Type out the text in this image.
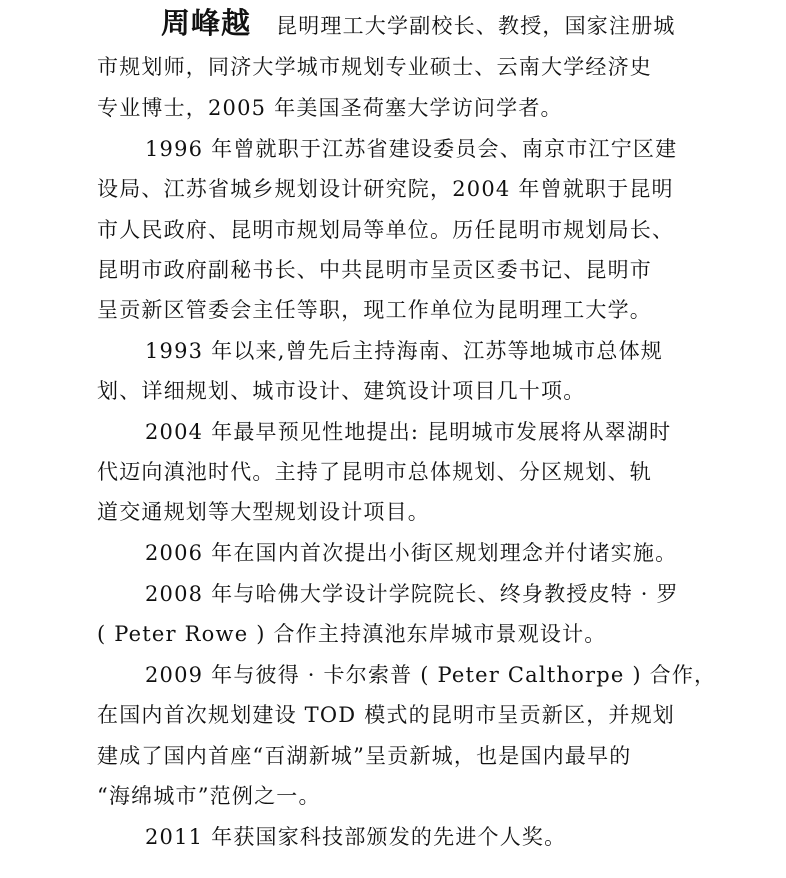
周峰越 昆明理工大学副校长、教授，国家注册城
市规划师，同济大学城市规划专业硕士、云南大学经济史
专业博士，2005 年美国圣荷塞大学访问学者。
1996 年曾就职于江苏省建设委员会、南京市江宁区建
设局、江苏省城乡规划设计研究院，2004 年曾就职于昆明
市人民政府、昆明市规划局等单位。历任昆明市规划局长、
昆明市政府副秘书长、中共昆明市呈贡区委书记、昆明市
呈贡新区管委会主任等职，现工作单位为昆明理工大学。
1993 年以来,曾先后主持海南、江苏等地城市总体规
划、详细规划、城市设计、建筑设计项目几十项。
2004 年最早预见性地提出: 昆明城市发展将从翠湖时
代迈向滇池时代。主持了昆明市总体规划、分区规划、轨
道交通规划等大型规划设计项目。
2006 年在国内首次提出小街区规划理念并付诸实施。
2008 年与哈佛大学设计学院院长、终身教授皮特 · 罗
( Peter Rowe ) 合作主持滇池东岸城市景观设计。
2009 年与彼得 · 卡尔索普 ( Peter Calthorpe ) 合作，
在国内首次规划建设 TOD 模式的昆明市呈贡新区，并规划
建成了国内首座“百湖新城”呈贡新城，也是国内最早的
“海绵城市”范例之一。
2011 年获国家科技部颁发的先进个人奖。
